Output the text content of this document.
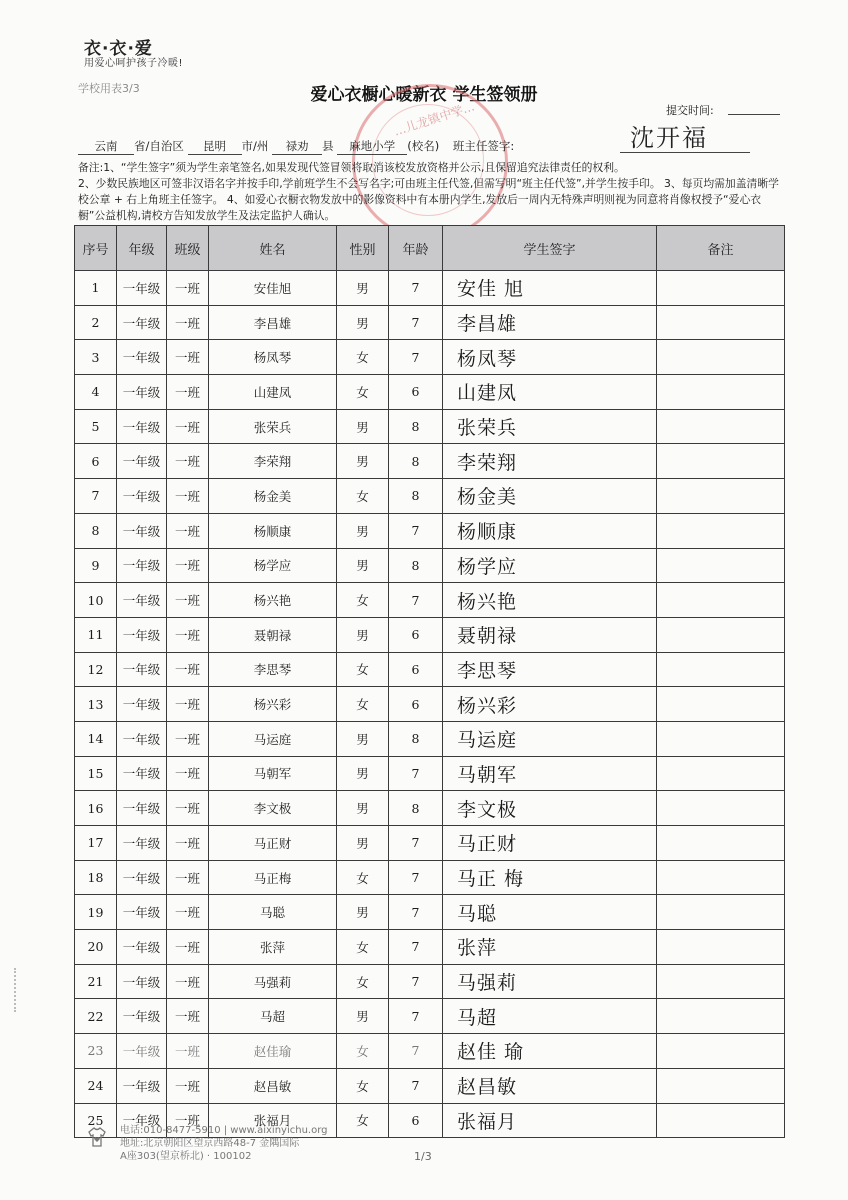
衣·衣·爱
用爱心呵护孩子冷暖!
学校用表3/3	爱心衣橱心暖新衣 学生签领册
提交时间:
…儿龙镇中学…
云南 省/自治区 昆明 市/州 禄劝 县 麻地小学 (校名) 班主任签字:	沈开福

备注:1、“学生签字”须为学生亲笔签名,如果发现代签冒领将取消该校发放资格并公示,且保留追究法律责任的权利。

2、少数民族地区可签非汉语名字并按手印,学前班学生不会写名字;可由班主任代签,但需写明“班主任代签”,并学生按手印。 3、每页均需加盖清晰学校公章 + 右上角班主任签字。 4、如爱心衣橱衣物发放中的影像资料中有本册内学生,发放后一周内无特殊声明则视为同意将肖像权授予“爱心衣橱”公益机构,请校方告知发放学生及法定监护人确认。

序号	年级	班级	姓名	性别	年龄	学生签字	备注
1	一年级	一班	安佳旭	男	7	安佳 旭	
2	一年级	一班	李昌雄	男	7	李昌雄	
3	一年级	一班	杨凤琴	女	7	杨凤琴	
4	一年级	一班	山建凤	女	6	山建凤	
5	一年级	一班	张荣兵	男	8	张荣兵	
6	一年级	一班	李荣翔	男	8	李荣翔	
7	一年级	一班	杨金美	女	8	杨金美	
8	一年级	一班	杨顺康	男	7	杨顺康	
9	一年级	一班	杨学应	男	8	杨学应	
10	一年级	一班	杨兴艳	女	7	杨兴艳	
11	一年级	一班	聂朝禄	男	6	聂朝禄	
12	一年级	一班	李思琴	女	6	李思琴	
13	一年级	一班	杨兴彩	女	6	杨兴彩	
14	一年级	一班	马运庭	男	8	马运庭	
15	一年级	一班	马朝军	男	7	马朝军	
16	一年级	一班	李文极	男	8	李文极	
17	一年级	一班	马正财	男	7	马正财	
18	一年级	一班	马正梅	女	7	马正 梅	
19	一年级	一班	马聪	男	7	马聪	
20	一年级	一班	张萍	女	7	张萍	
21	一年级	一班	马强莉	女	7	马强莉	
22	一年级	一班	马超	男	7	马超	
23	一年级	一班	赵佳瑜	女	7	赵佳 瑜	
24	一年级	一班	赵昌敏	女	7	赵昌敏	
25	一年级	一班	张福月	女	6	张福月	

电话:010-8477-5910 | www.aixinyichu.org

地址:北京朝阳区望京西路48-7 金隅国际

A座303(望京桥北) · 100102	1/3
